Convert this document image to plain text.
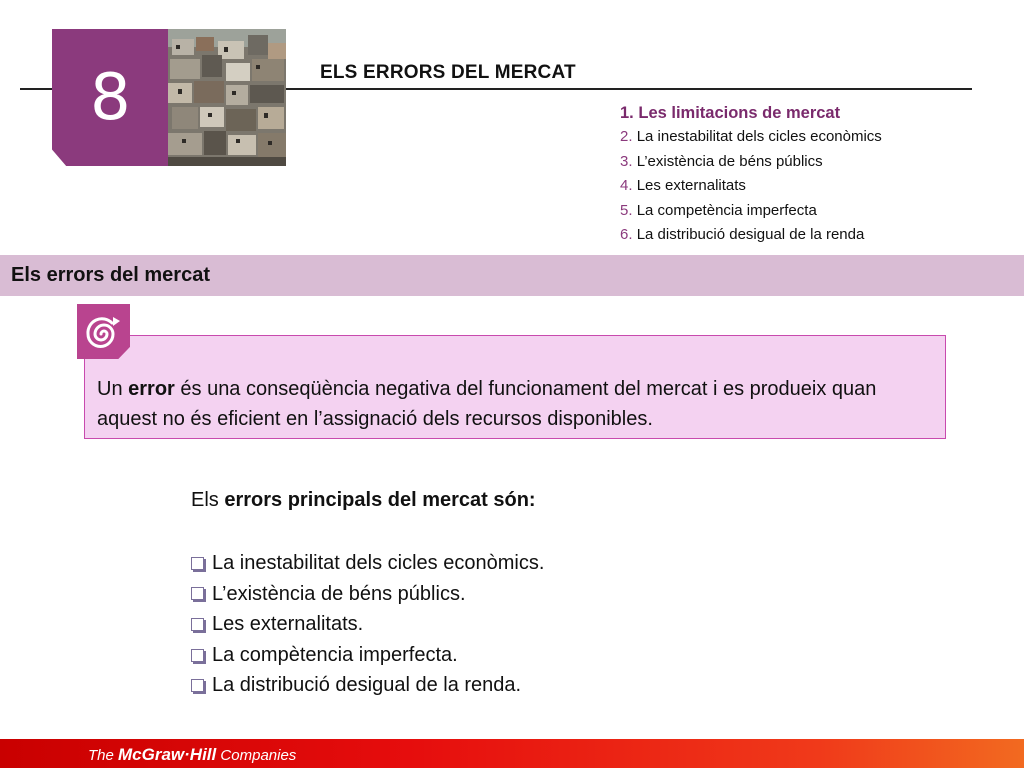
8	ELS ERRORS DEL MERCAT
1. Les limitacions de mercat
2. La inestabilitat dels cicles econòmics
3. L’existència de béns públics
4. Les externalitats
5. La competència imperfecta
6. La distribució desigual de la renda
Els errors del mercat
Un error és una conseqüència negativa del funcionament del mercat i es produeix quan aquest no és eficient en l’assignació dels recursos disponibles.
Els errors principals del mercat són:
La inestabilitat dels cicles econòmics.
L’existència de béns públics.
Les externalitats.
La compètencia imperfecta.
La distribució desigual de la renda.
The McGraw·Hill Companies
